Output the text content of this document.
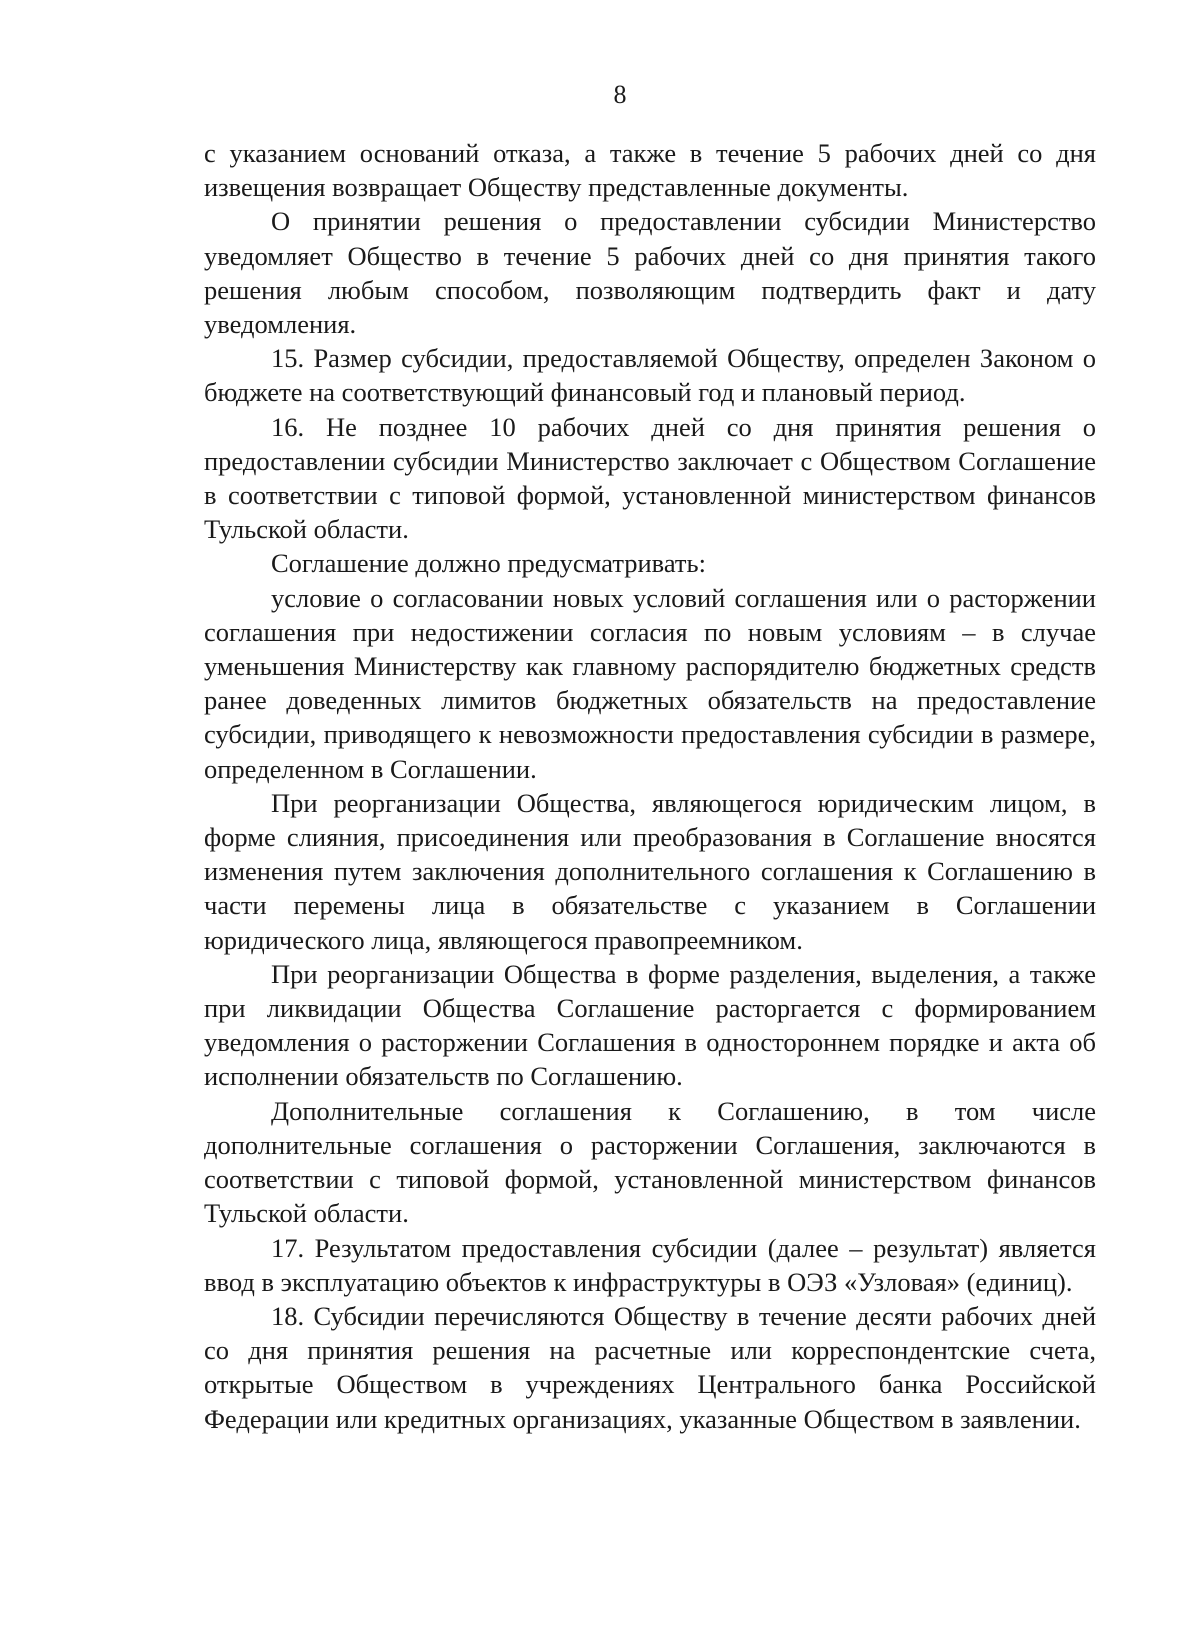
8

с указанием оснований отказа, а также в течение 5 рабочих дней со дня извещения возвращает Обществу представленные документы.

О принятии решения о предоставлении субсидии Министерство уведомляет Общество в течение 5 рабочих дней со дня принятия такого решения любым способом, позволяющим подтвердить факт и дату уведомления.

15. Размер субсидии, предоставляемой Обществу, определен Законом о бюджете на соответствующий финансовый год и плановый период.

16. Не позднее 10 рабочих дней со дня принятия решения о предоставлении субсидии Министерство заключает с Обществом Соглашение в соответствии с типовой формой, установленной министерством финансов Тульской области.

Соглашение должно предусматривать:

условие о согласовании новых условий соглашения или о расторжении соглашения при недостижении согласия по новым условиям – в случае уменьшения Министерству как главному распорядителю бюджетных средств ранее доведенных лимитов бюджетных обязательств на предоставление субсидии, приводящего к невозможности предоставления субсидии в размере, определенном в Соглашении.

При реорганизации Общества, являющегося юридическим лицом, в форме слияния, присоединения или преобразования в Соглашение вносятся изменения путем заключения дополнительного соглашения к Соглашению в части перемены лица в обязательстве с указанием в Соглашении юридического лица, являющегося правопреемником.

При реорганизации Общества в форме разделения, выделения, а также при ликвидации Общества Соглашение расторгается с формированием уведомления о расторжении Соглашения в одностороннем порядке и акта об исполнении обязательств по Соглашению.

Дополнительные соглашения к Соглашению, в том числе дополнительные соглашения о расторжении Соглашения, заключаются в соответствии с типовой формой, установленной министерством финансов Тульской области.

17. Результатом предоставления субсидии (далее – результат) является ввод в эксплуатацию объектов к инфраструктуры в ОЭЗ «Узловая» (единиц).

18. Субсидии перечисляются Обществу в течение десяти рабочих дней со дня принятия решения на расчетные или корреспондентские счета, открытые Обществом в учреждениях Центрального банка Российской Федерации или кредитных организациях, указанные Обществом в заявлении.
